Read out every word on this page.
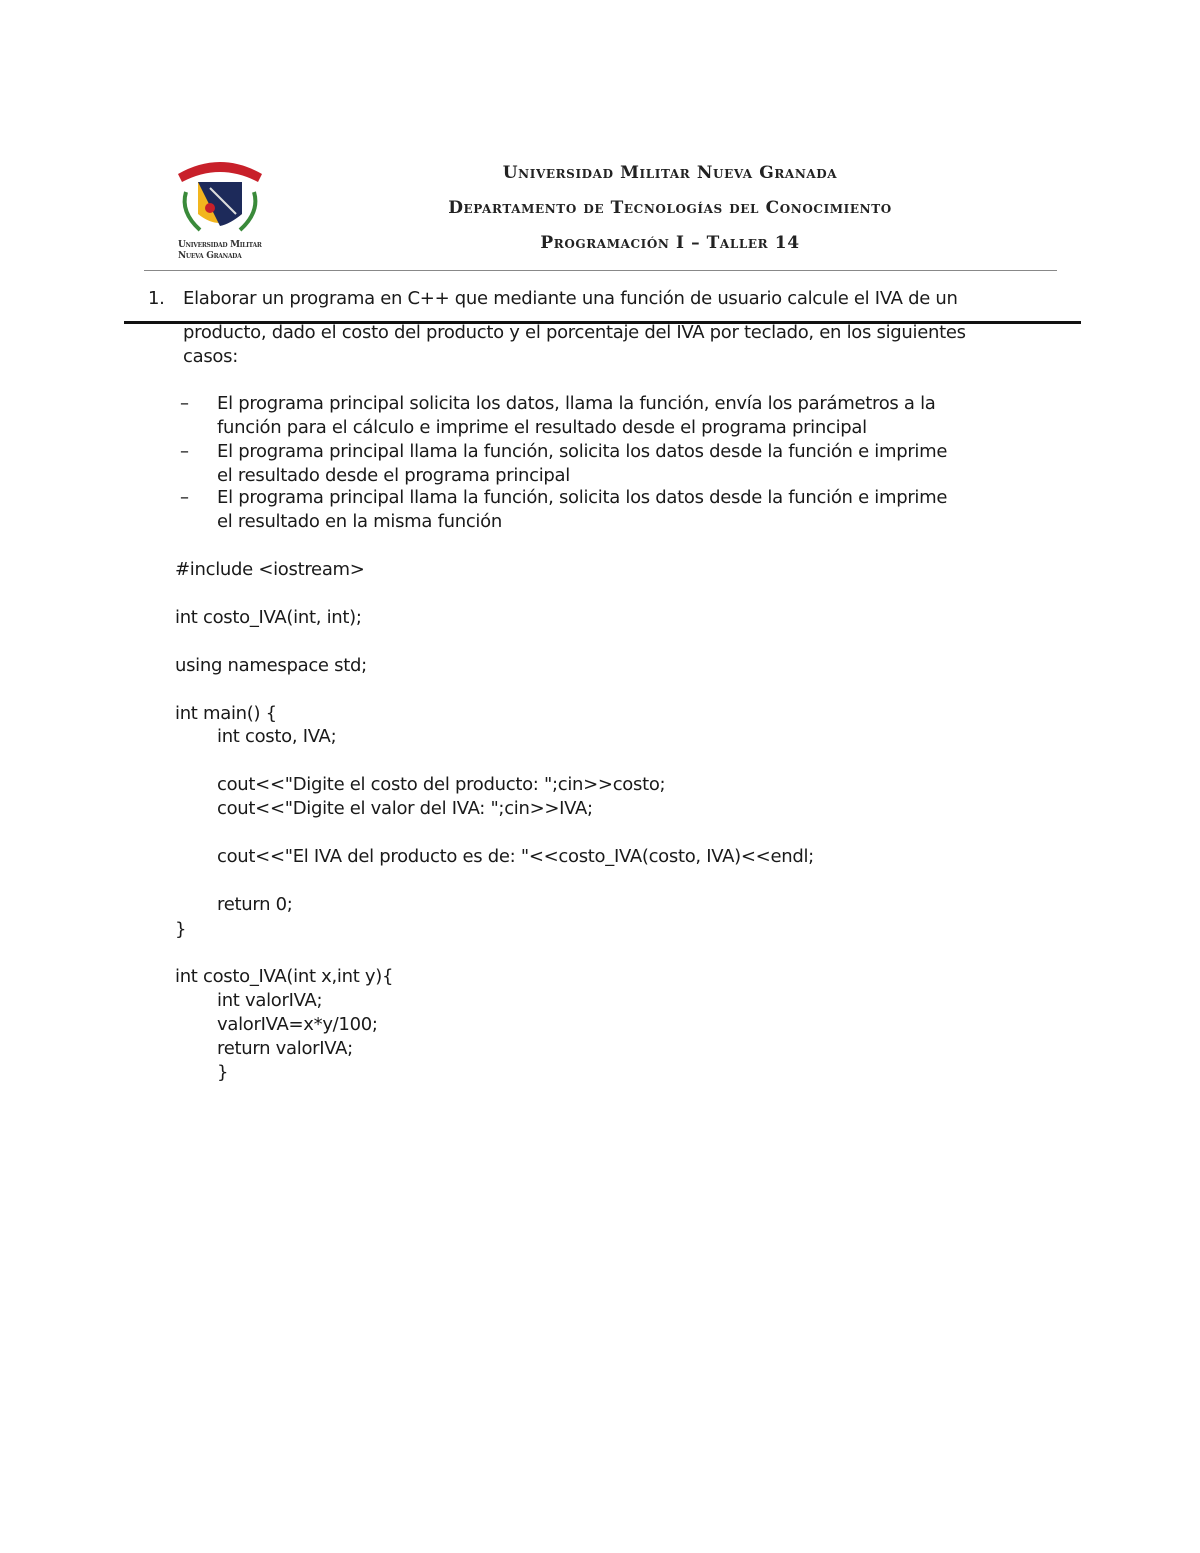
Universidad Militar
Nueva Granada
Universidad Militar Nueva Granada
Departamento de Tecnologías del Conocimiento
Programación I – Taller 14
1. Elaborar un programa en C++ que mediante una función de usuario calcule el IVA de un
producto, dado el costo del producto y el porcentaje del IVA por teclado, en los siguientes
casos:
– El programa principal solicita los datos, llama la función, envía los parámetros a la
función para el cálculo e imprime el resultado desde el programa principal
– El programa principal llama la función, solicita los datos desde la función e imprime
el resultado desde el programa principal
– El programa principal llama la función, solicita los datos desde la función e imprime
el resultado en la misma función
#include <iostream>
int costo_IVA(int, int);
using namespace std;
int main() {
int costo, IVA;
cout<<"Digite el costo del producto: ";cin>>costo;
cout<<"Digite el valor del IVA: ";cin>>IVA;
cout<<"El IVA del producto es de: "<<costo_IVA(costo, IVA)<<endl;
return 0;
}
int costo_IVA(int x,int y){
int valorIVA;
valorIVA=x*y/100;
return valorIVA;
}
